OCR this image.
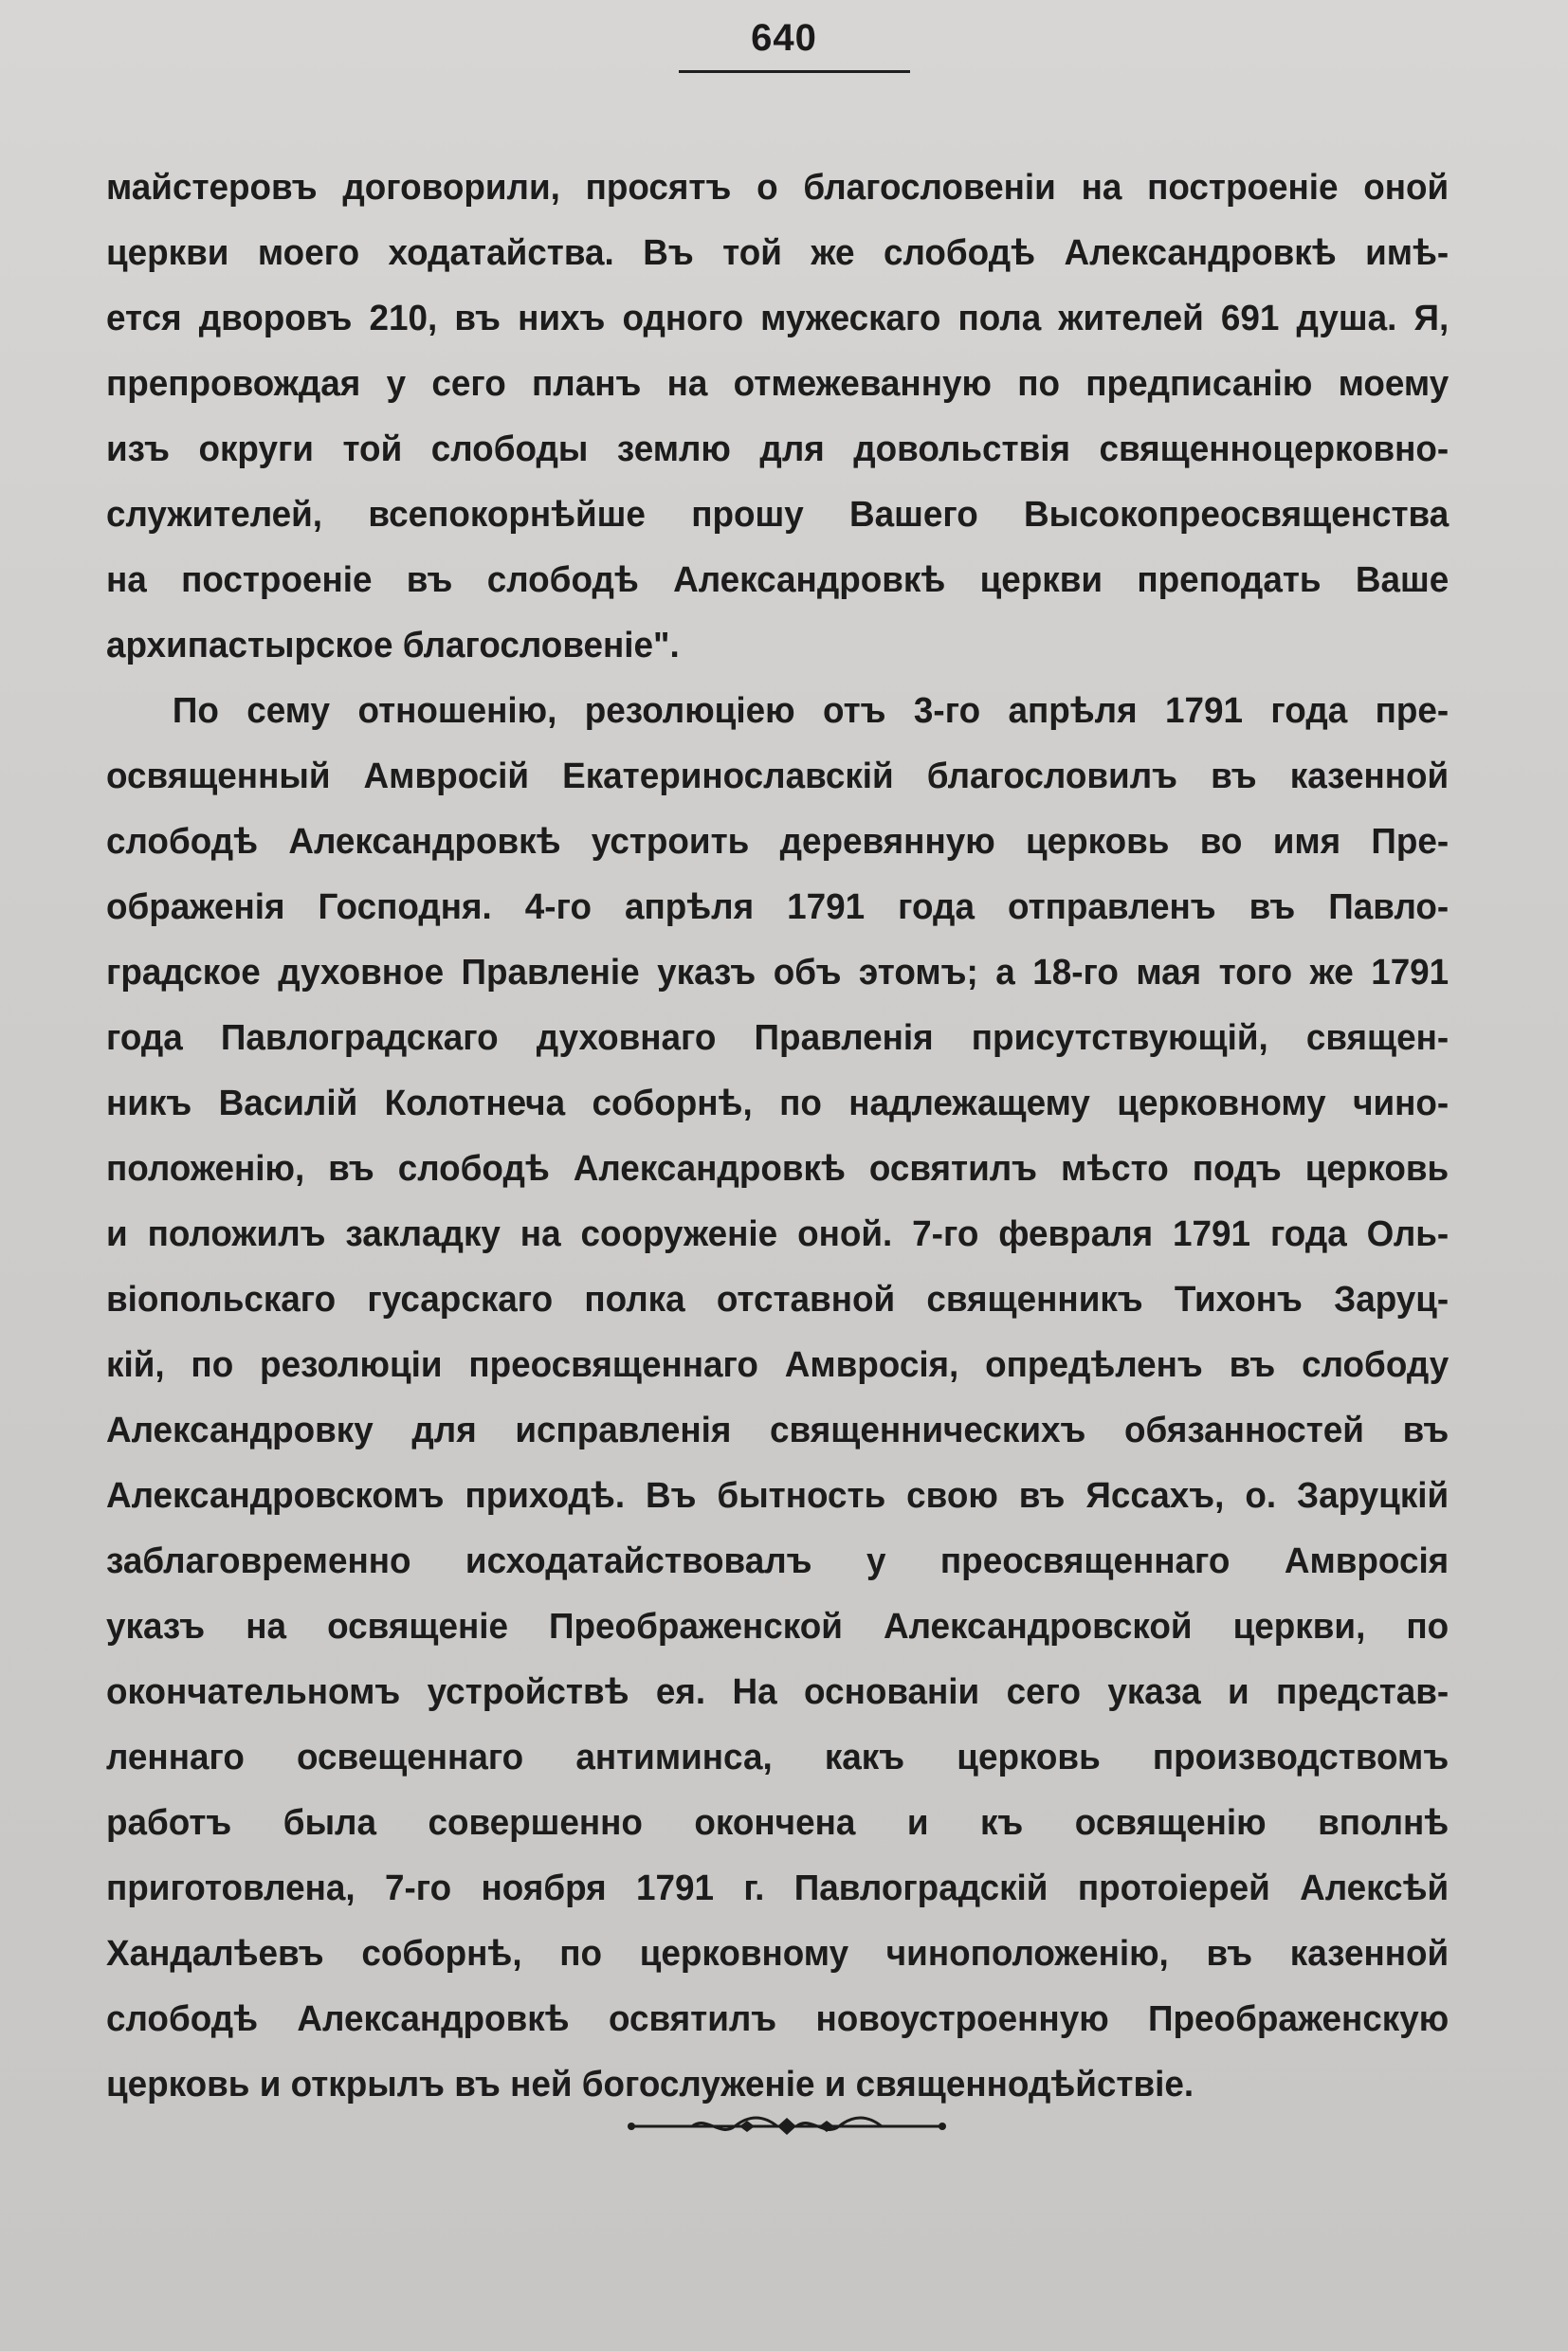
640
майстеровъ договорили, просятъ о благословеніи на построеніе оной
церкви моего ходатайства. Въ той же слободѣ Александровкѣ имѣ-
ется дворовъ 210, въ нихъ одного мужескаго пола жителей 691 душа. Я,
препровождая у сего планъ на отмежеванную по предписанію моему
изъ округи той слободы землю для довольствія священноцерковно-
служителей, всепокорнѣйше прошу Вашего Высокопреосвященства
на построеніе въ слободѣ Александровкѣ церкви преподать Ваше
архипастырское благословеніе".
По сему отношенію, резолюціею отъ 3-го апрѣля 1791 года пре-
освященный Амвросій Екатеринославскій благословилъ въ казенной
слободѣ Александровкѣ устроить деревянную церковь во имя Пре-
ображенія Господня. 4-го апрѣля 1791 года отправленъ въ Павло-
градское духовное Правленіе указъ объ этомъ; а 18-го мая того же 1791
года Павлоградскаго духовнаго Правленія присутствующій, священ-
никъ Василій Колотнеча соборнѣ, по надлежащему церковному чино-
положенію, въ слободѣ Александровкѣ освятилъ мѣсто подъ церковь
и положилъ закладку на сооруженіе оной. 7-го февраля 1791 года Оль-
віопольскаго гусарскаго полка отставной священникъ Тихонъ Заруц-
кій, по резолюціи преосвященнаго Амвросія, опредѣленъ въ слободу
Александровку для исправленія священническихъ обязанностей въ
Александровскомъ приходѣ. Въ бытность свою въ Яссахъ, о. Заруцкій
заблаговременно исходатайствовалъ у преосвященнаго Амвросія
указъ на освященіе Преображенской Александровской церкви, по
окончательномъ устройствѣ ея. На основаніи сего указа и представ-
леннаго освещеннаго антиминса, какъ церковь производствомъ
работъ была совершенно окончена и къ освященію вполнѣ
приготовлена, 7-го ноября 1791 г. Павлоградскій протоіерей Алексѣй
Хандалѣевъ соборнѣ, по церковному чиноположенію, въ казенной
слободѣ Александровкѣ освятилъ новоустроенную Преображенскую
церковь и открылъ въ ней богослуженіе и священнодѣйствіе.
